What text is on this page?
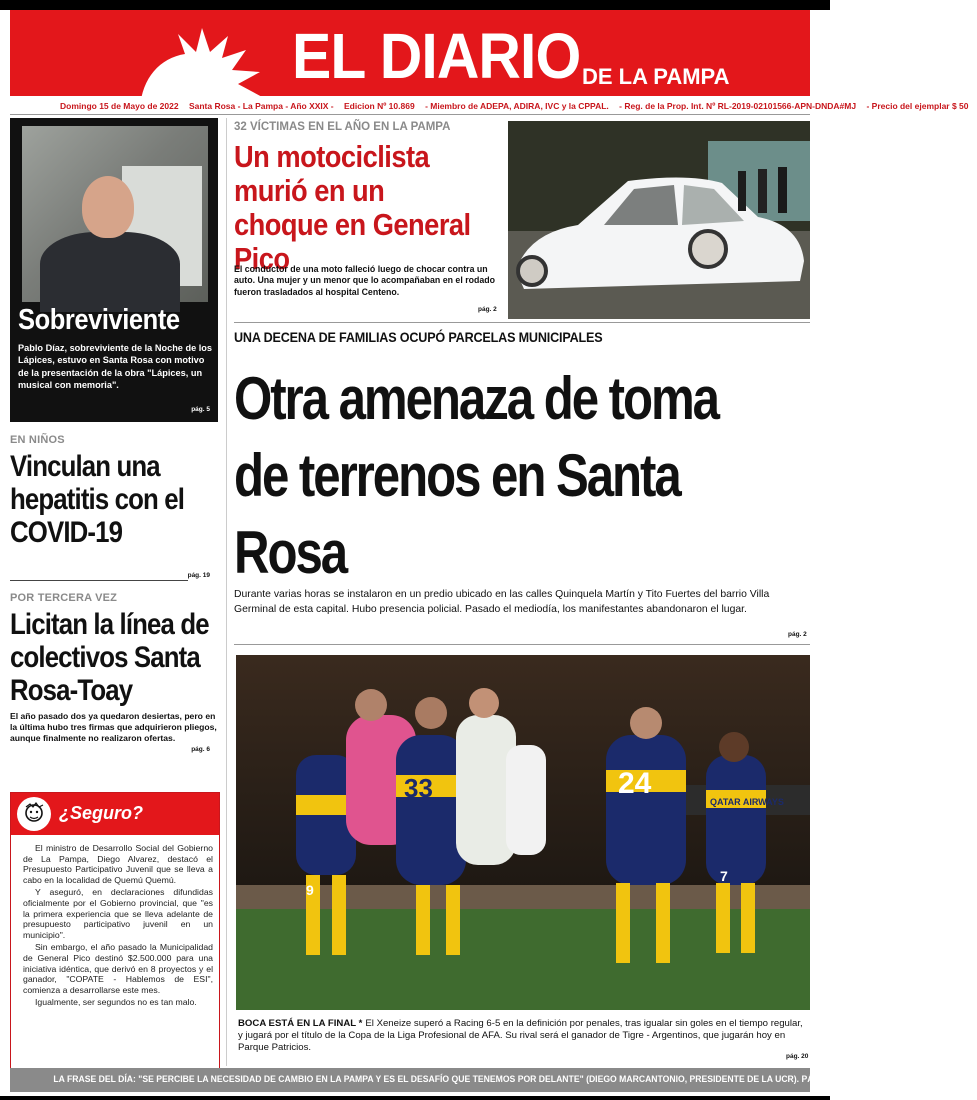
EL DIARIO DE LA PAMPA
Domingo 15 de Mayo de 2022 Santa Rosa - La Pampa - Año XXIX - Edicion Nº 10.869 - Miembro de ADEPA, ADIRA, IVC y la CPPAL. - Reg. de la Prop. Int. Nº RL-2019-02101566-APN-DNDA#MJ - Precio del ejemplar $ 50
Sobreviviente

Pablo Díaz, sobreviviente de la Noche de los Lápices, estuvo en Santa Rosa con motivo de la presentación de la obra "Lápices, un musical con memoria".

pág. 5
EN NIÑOS
Vinculan una hepatitis con el COVID-19
pág. 19
POR TERCERA VEZ
Licitan la línea de colectivos Santa Rosa-Toay

El año pasado dos ya quedaron desiertas, pero en la última hubo tres firmas que adquirieron pliegos, aunque finalmente no realizaron ofertas.

pág. 6
¿Seguro?

El ministro de Desarrollo Social del Gobierno de La Pampa, Diego Alvarez, destacó el Presupuesto Participativo Juvenil que se lleva a cabo en la localidad de Quemú Quemú.

Y aseguró, en declaraciones difundidas oficialmente por el Gobierno provincial, que "es la primera experiencia que se lleva adelante de presupuesto participativo juvenil en un municipio".

Sin embargo, el año pasado la Municipalidad de General Pico destinó $2.500.000 para una iniciativa idéntica, que derivó en 8 proyectos y el ganador, "COPATE - Hablemos de ESI", comienza a desarrollarse este mes.

Igualmente, ser segundos no es tan malo.

32 VÍCTIMAS EN EL AÑO EN LA PAMPA
Un motociclista murió en un choque en General Pico

El conductor de una moto falleció luego de chocar contra un auto. Una mujer y un menor que lo acompañaban en el rodado fueron trasladados al hospital Centeno.

pág. 2
UNA DECENA DE FAMILIAS OCUPÓ PARCELAS MUNICIPALES
Otra amenaza de toma de terrenos en Santa Rosa

Durante varias horas se instalaron en un predio ubicado en las calles Quinquela Martín y Tito Fuertes del barrio Villa Germinal de esta capital. Hubo presencia policial. Pasado el mediodía, los manifestantes abandonaron el lugar.

pág. 2
33	24
9
7
QATAR AIRWAYS

BOCA ESTÁ EN LA FINAL * El Xeneize superó a Racing 6-5 en la definición por penales, tras igualar sin goles en el tiempo regular, y jugará por el título de la Copa de la Liga Profesional de AFA. Su rival será el ganador de Tigre - Argentinos, que jugarán hoy en Parque Patricios.

pág. 20
LA FRASE DEL DÍA: "SE PERCIBE LA NECESIDAD DE CAMBIO EN LA PAMPA Y ES EL DESAFÍO QUE TENEMOS POR DELANTE" (DIEGO MARCANTONIO, PRESIDENTE DE LA UCR). PÁG. 11
